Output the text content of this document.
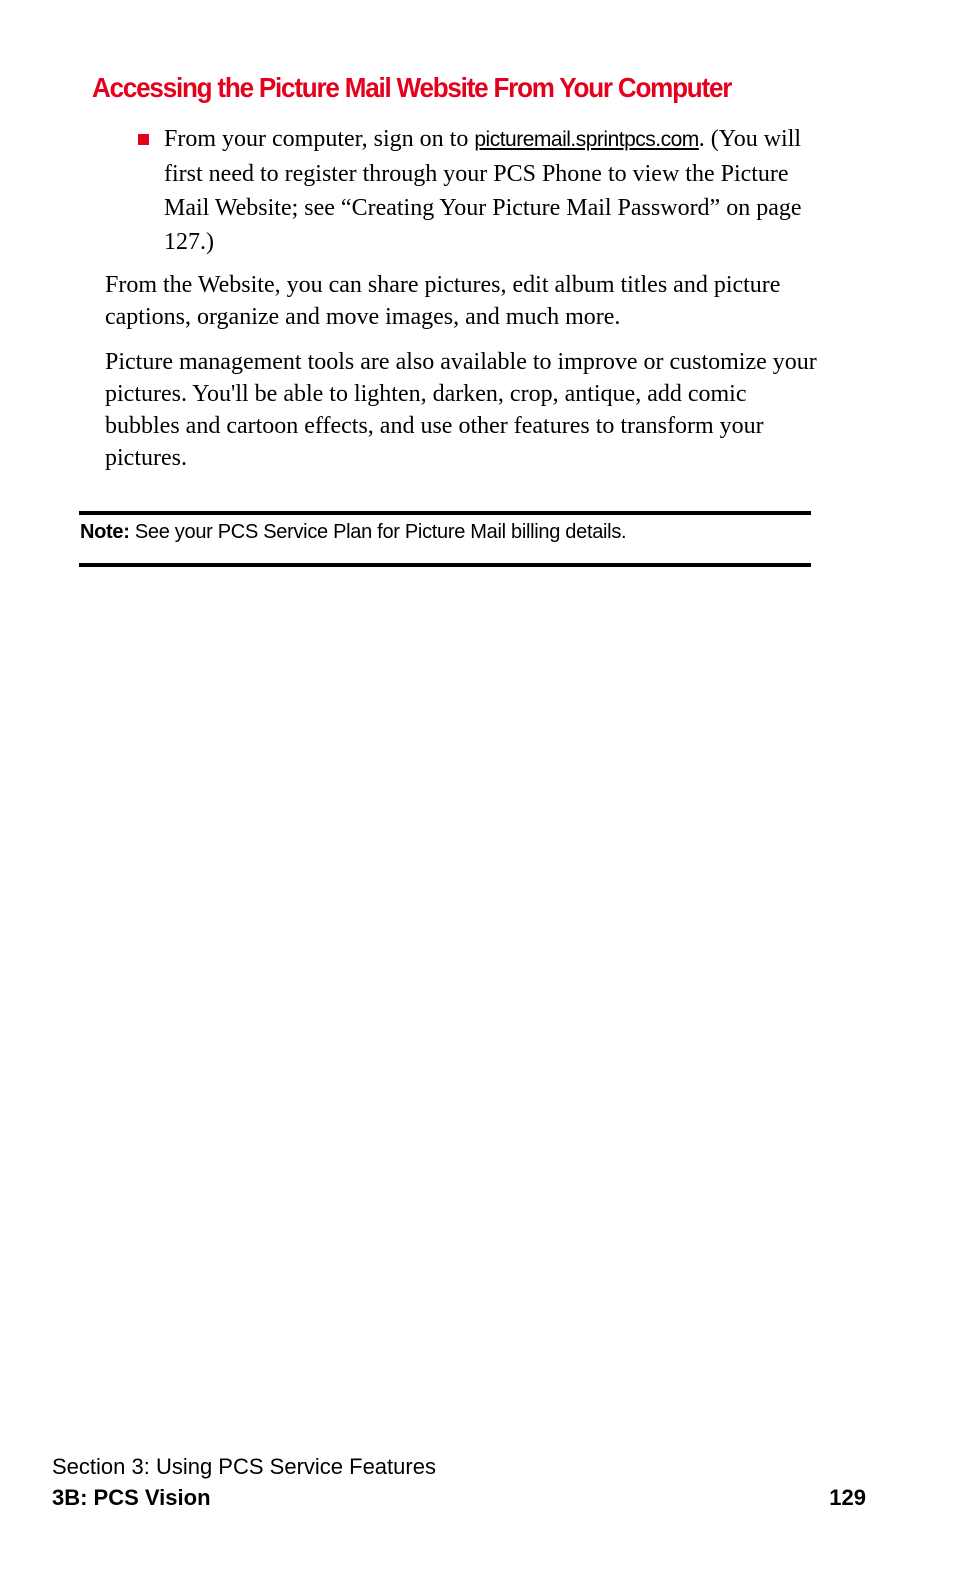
Accessing the Picture Mail Website From Your Computer

From your computer, sign on to picturemail.sprintpcs.com. (You will first need to register through your PCS Phone to view the Picture Mail Website; see “Creating Your Picture Mail Password” on page 127.)

From the Website, you can share pictures, edit album titles and picture captions, organize and move images, and much more.

Picture management tools are also available to improve or customize your pictures. You'll be able to lighten, darken, crop, antique, add comic bubbles and cartoon effects, and use other features to transform your pictures.

Note: See your PCS Service Plan for Picture Mail billing details.

Section 3: Using PCS Service Features

3B: PCS Vision	129
